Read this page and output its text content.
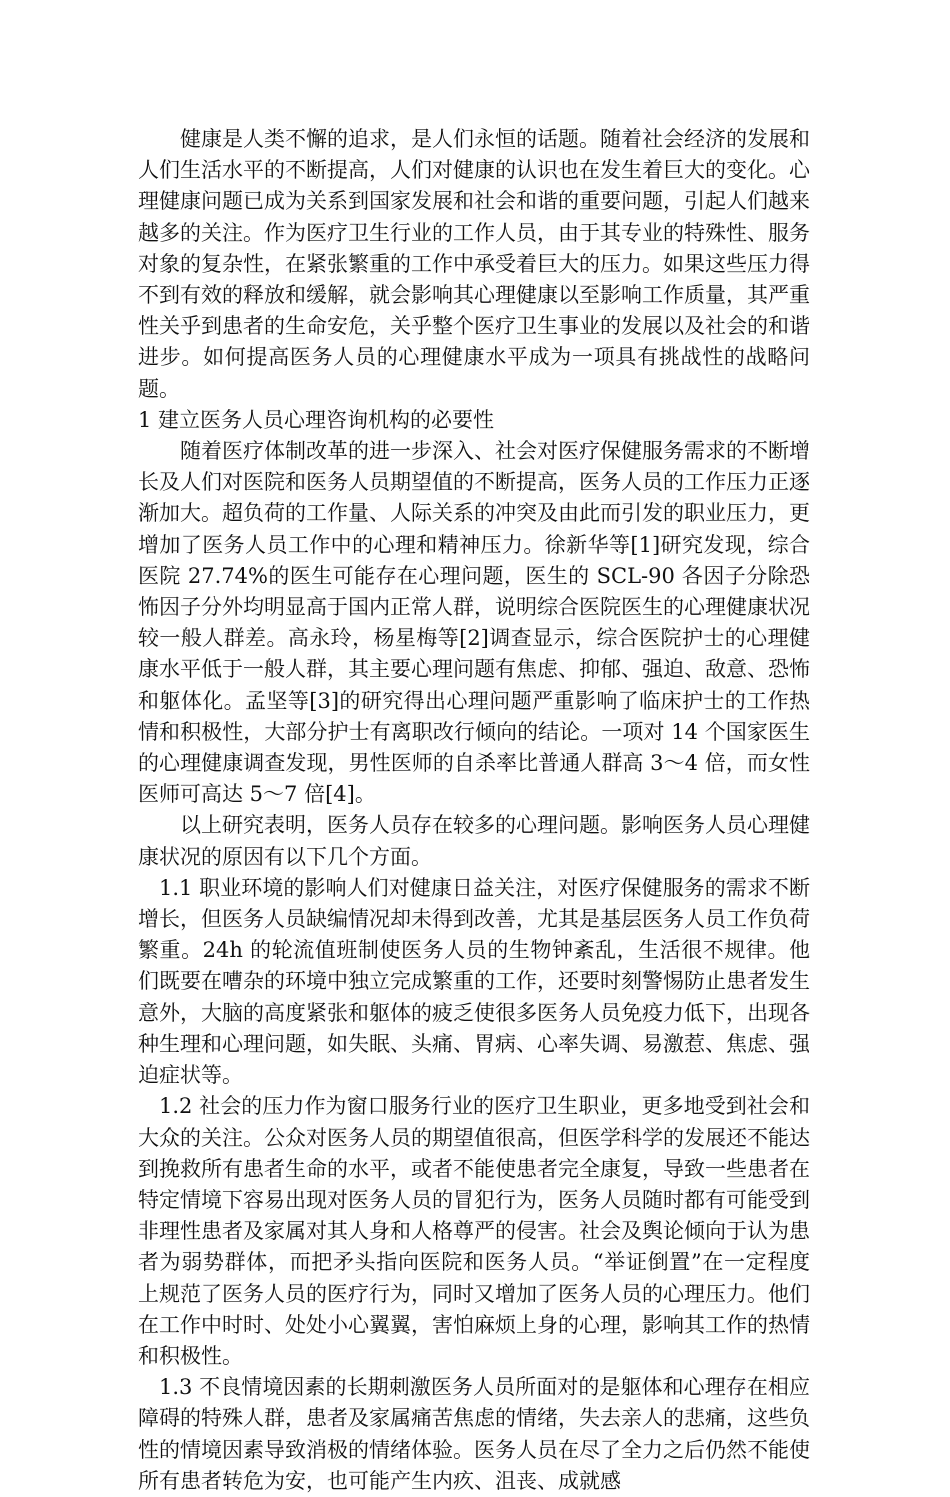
健康是人类不懈的追求，是人们永恒的话题。随着社会经济的发展和人们生活水平的不断提高，人们对健康的认识也在发生着巨大的变化。心理健康问题已成为关系到国家发展和社会和谐的重要问题，引起人们越来越多的关注。作为医疗卫生行业的工作人员，由于其专业的特殊性、服务对象的复杂性，在紧张繁重的工作中承受着巨大的压力。如果这些压力得不到有效的释放和缓解，就会影响其心理健康以至影响工作质量，其严重性关乎到患者的生命安危，关乎整个医疗卫生事业的发展以及社会的和谐进步。如何提高医务人员的心理健康水平成为一项具有挑战性的战略问题。

1 建立医务人员心理咨询机构的必要性

随着医疗体制改革的进一步深入、社会对医疗保健服务需求的不断增长及人们对医院和医务人员期望值的不断提高，医务人员的工作压力正逐渐加大。超负荷的工作量、人际关系的冲突及由此而引发的职业压力，更增加了医务人员工作中的心理和精神压力。徐新华等[1]研究发现，综合医院 27.74%的医生可能存在心理问题，医生的 SCL-90 各因子分除恐怖因子分外均明显高于国内正常人群，说明综合医院医生的心理健康状况较一般人群差。高永玲，杨星梅等[2]调查显示，综合医院护士的心理健康水平低于一般人群，其主要心理问题有焦虑、抑郁、强迫、敌意、恐怖和躯体化。孟坚等[3]的研究得出心理问题严重影响了临床护士的工作热情和积极性，大部分护士有离职改行倾向的结论。一项对 14 个国家医生的心理健康调查发现，男性医师的自杀率比普通人群高 3～4 倍，而女性医师可高达 5～7 倍[4]。

以上研究表明，医务人员存在较多的心理问题。影响医务人员心理健康状况的原因有以下几个方面。

1.1 职业环境的影响人们对健康日益关注，对医疗保健服务的需求不断增长，但医务人员缺编情况却未得到改善，尤其是基层医务人员工作负荷繁重。24h 的轮流值班制使医务人员的生物钟紊乱，生活很不规律。他们既要在嘈杂的环境中独立完成繁重的工作，还要时刻警惕防止患者发生意外，大脑的高度紧张和躯体的疲乏使很多医务人员免疫力低下，出现各种生理和心理问题，如失眠、头痛、胃病、心率失调、易激惹、焦虑、强迫症状等。

1.2 社会的压力作为窗口服务行业的医疗卫生职业，更多地受到社会和大众的关注。公众对医务人员的期望值很高，但医学科学的发展还不能达到挽救所有患者生命的水平，或者不能使患者完全康复，导致一些患者在特定情境下容易出现对医务人员的冒犯行为，医务人员随时都有可能受到非理性患者及家属对其人身和人格尊严的侵害。社会及舆论倾向于认为患者为弱势群体，而把矛头指向医院和医务人员。“举证倒置”在一定程度上规范了医务人员的医疗行为，同时又增加了医务人员的心理压力。他们在工作中时时、处处小心翼翼，害怕麻烦上身的心理，影响其工作的热情和积极性。

1.3 不良情境因素的长期刺激医务人员所面对的是躯体和心理存在相应障碍的特殊人群，患者及家属痛苦焦虑的情绪，失去亲人的悲痛，这些负性的情境因素导致消极的情绪体验。医务人员在尽了全力之后仍然不能使所有患者转危为安，也可能产生内疚、沮丧、成就感
